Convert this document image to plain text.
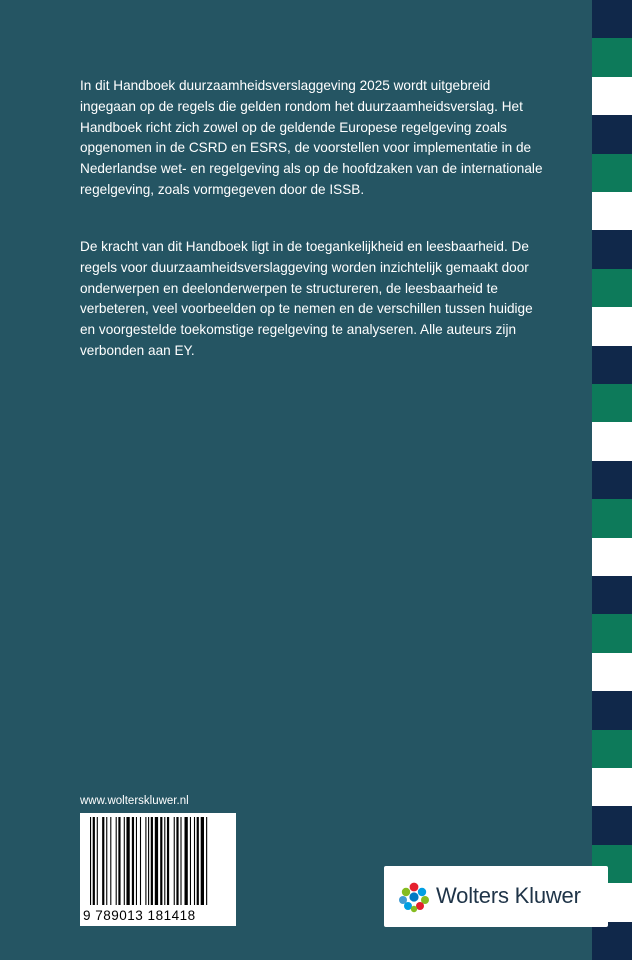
In dit Handboek duurzaamheidsverslaggeving 2025 wordt uitgebreid ingegaan op de regels die gelden rondom het duurzaamheidsverslag. Het Handboek richt zich zowel op de geldende Europese regelgeving zoals opgenomen in de CSRD en ESRS, de voorstellen voor implementatie in de Nederlandse wet- en regelgeving als op de hoofdzaken van de internationale regelgeving, zoals vormgegeven door de ISSB.

De kracht van dit Handboek ligt in de toegankelijkheid en leesbaarheid. De regels voor duurzaamheidsverslaggeving worden inzichtelijk gemaakt door onderwerpen en deelonderwerpen te structureren, de leesbaarheid te verbeteren, veel voorbeelden op te nemen en de verschillen tussen huidige en voorgestelde toekomstige regelgeving te analyseren. Alle auteurs zijn verbonden aan EY.

www.wolterskluwer.nl
9 789013 181418
Wolters Kluwer
